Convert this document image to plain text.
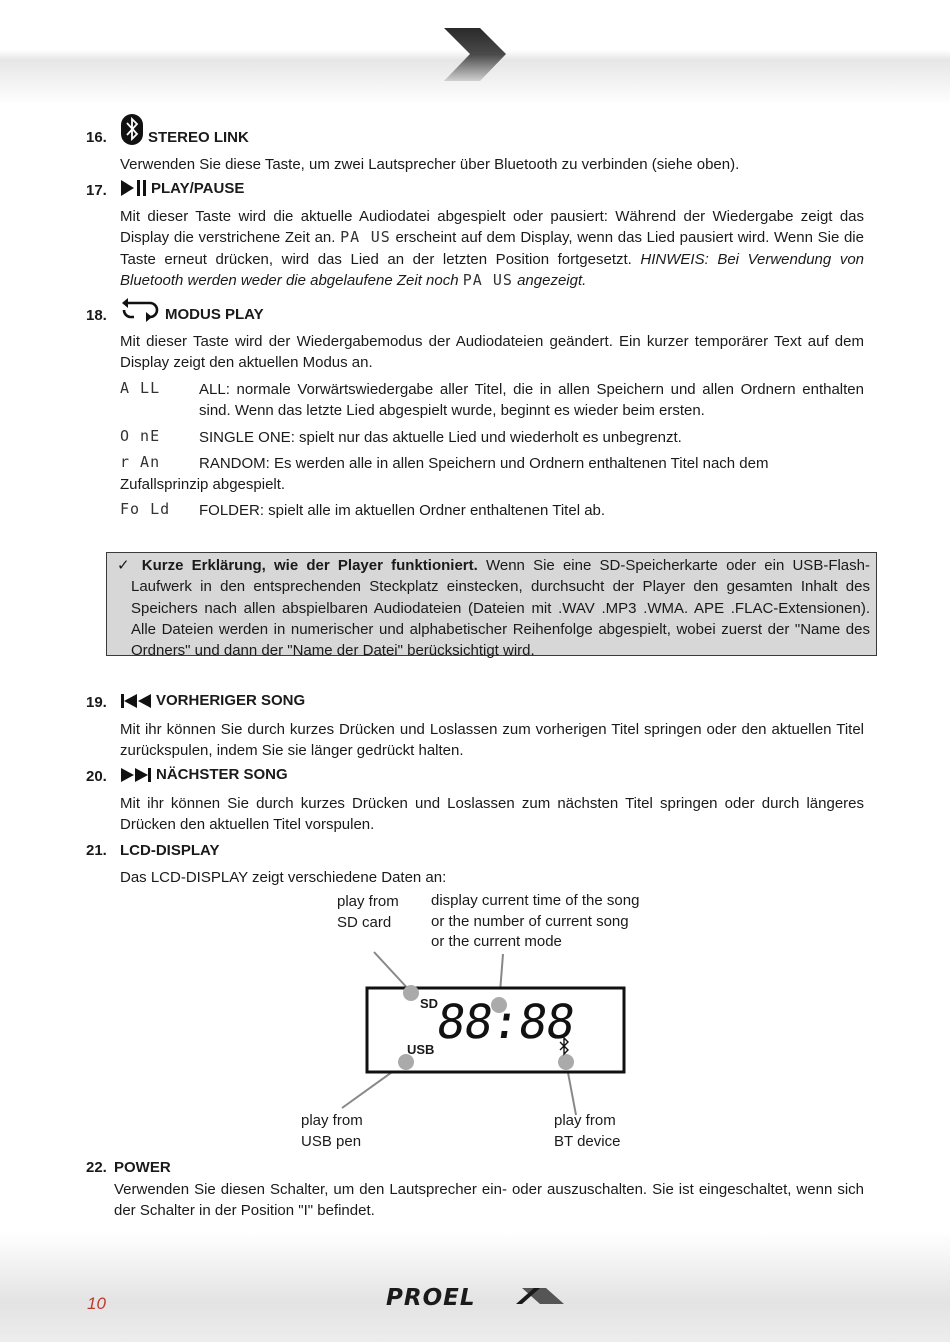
16.	STEREO LINK
Verwenden Sie diese Taste, um zwei Lautsprecher über Bluetooth zu verbinden (siehe oben).
17.	PLAY/PAUSE
Mit dieser Taste wird die aktuelle Audiodatei abgespielt oder pausiert: Während der Wiedergabe zeigt das Display die verstrichene Zeit an. PA US erscheint auf dem Display, wenn das Lied pausiert wird. Wenn Sie die Taste erneut drücken, wird das Lied an der letzten Position fortgesetzt. HINWEIS: Bei Verwendung von Bluetooth werden weder die abgelaufene Zeit noch PA US angezeigt.
18.	MODUS PLAY
Mit dieser Taste wird der Wiedergabemodus der Audiodateien geändert. Ein kurzer temporärer Text auf dem Display zeigt den aktuellen Modus an.
A LL	ALL: normale Vorwärtswiedergabe aller Titel, die in allen Speichern und allen Ordnern enthalten sind. Wenn das letzte Lied abgespielt wurde, beginnt es wieder beim ersten.
O nE	SINGLE ONE: spielt nur das aktuelle Lied und wiederholt es unbegrenzt.
r An	RANDOM: Es werden alle in allen Speichern und Ordnern enthaltenen Titel nach dem
Zufallsprinzip abgespielt.
Fo Ld FOLDER: spielt alle im aktuellen Ordner enthaltenen Titel ab.
✓ Kurze Erklärung, wie der Player funktioniert. Wenn Sie eine SD-Speicherkarte oder ein USB-Flash-Laufwerk in den entsprechenden Steckplatz einstecken, durchsucht der Player den gesamten Inhalt des Speichers nach allen abspielbaren Audiodateien (Dateien mit .WAV .MP3 .WMA. APE .FLAC-Extensionen). Alle Dateien werden in numerischer und alphabetischer Reihenfolge abgespielt, wobei zuerst der "Name des Ordners" und dann der "Name der Datei" berücksichtigt wird.
19.	VORHERIGER SONG
Mit ihr können Sie durch kurzes Drücken und Loslassen zum vorherigen Titel springen oder den aktuellen Titel zurückspulen, indem Sie sie länger gedrückt halten.
20.	NÄCHSTER SONG
Mit ihr können Sie durch kurzes Drücken und Loslassen zum nächsten Titel springen oder durch längeres Drücken den aktuellen Titel vorspulen.
21. LCD-DISPLAY
Das LCD-DISPLAY zeigt verschiedene Daten an:
play from
SD card
display current time of the song
or the number of current song
or the current mode
SD
USB
88:88
play from
USB pen
play from
BT device
22. POWER
Verwenden Sie diesen Schalter, um den Lautsprecher ein- oder auszuschalten. Sie ist eingeschaltet, wenn sich der Schalter in der Position "I" befindet.
10	PROEL
